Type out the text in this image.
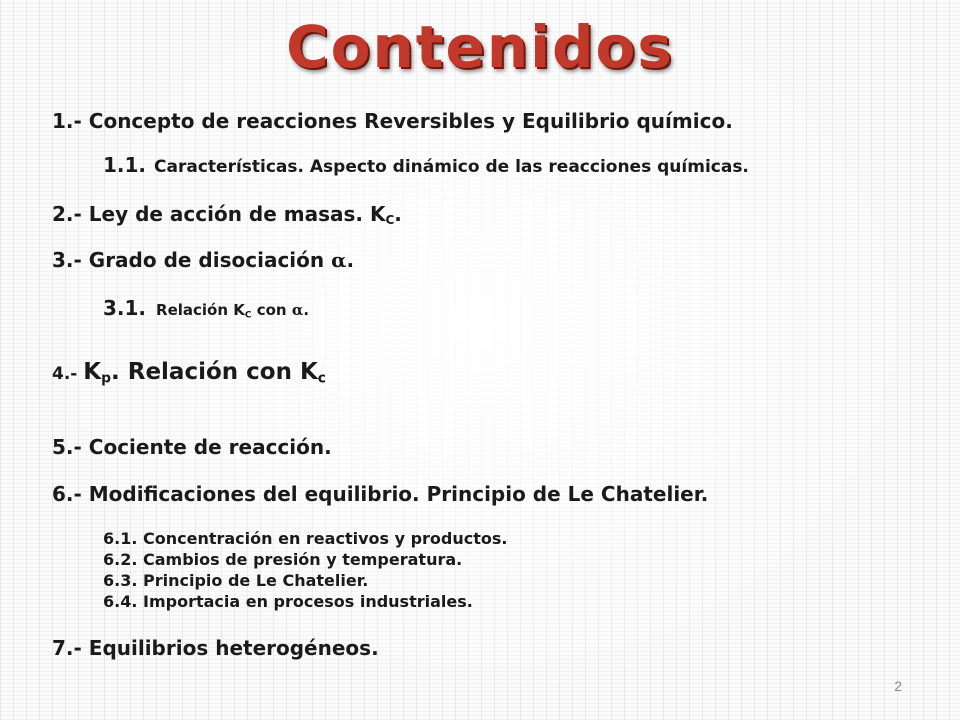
Contenidos
1.- Concepto de reacciones Reversibles y Equilibrio químico.
1.1. Características. Aspecto dinámico de las reacciones químicas.
2.- Ley de acción de masas. KC.
3.- Grado de disociación α.
3.1. Relación KC con α.
4.- Kp. Relación con Kc
5.- Cociente de reacción.
6.- Modificaciones del equilibrio. Principio de Le Chatelier.
6.1. Concentración en reactivos y productos.
6.2. Cambios de presión y temperatura.
6.3. Principio de Le Chatelier.
6.4. Importacia en procesos industriales.
7.- Equilibrios heterogéneos.
2
